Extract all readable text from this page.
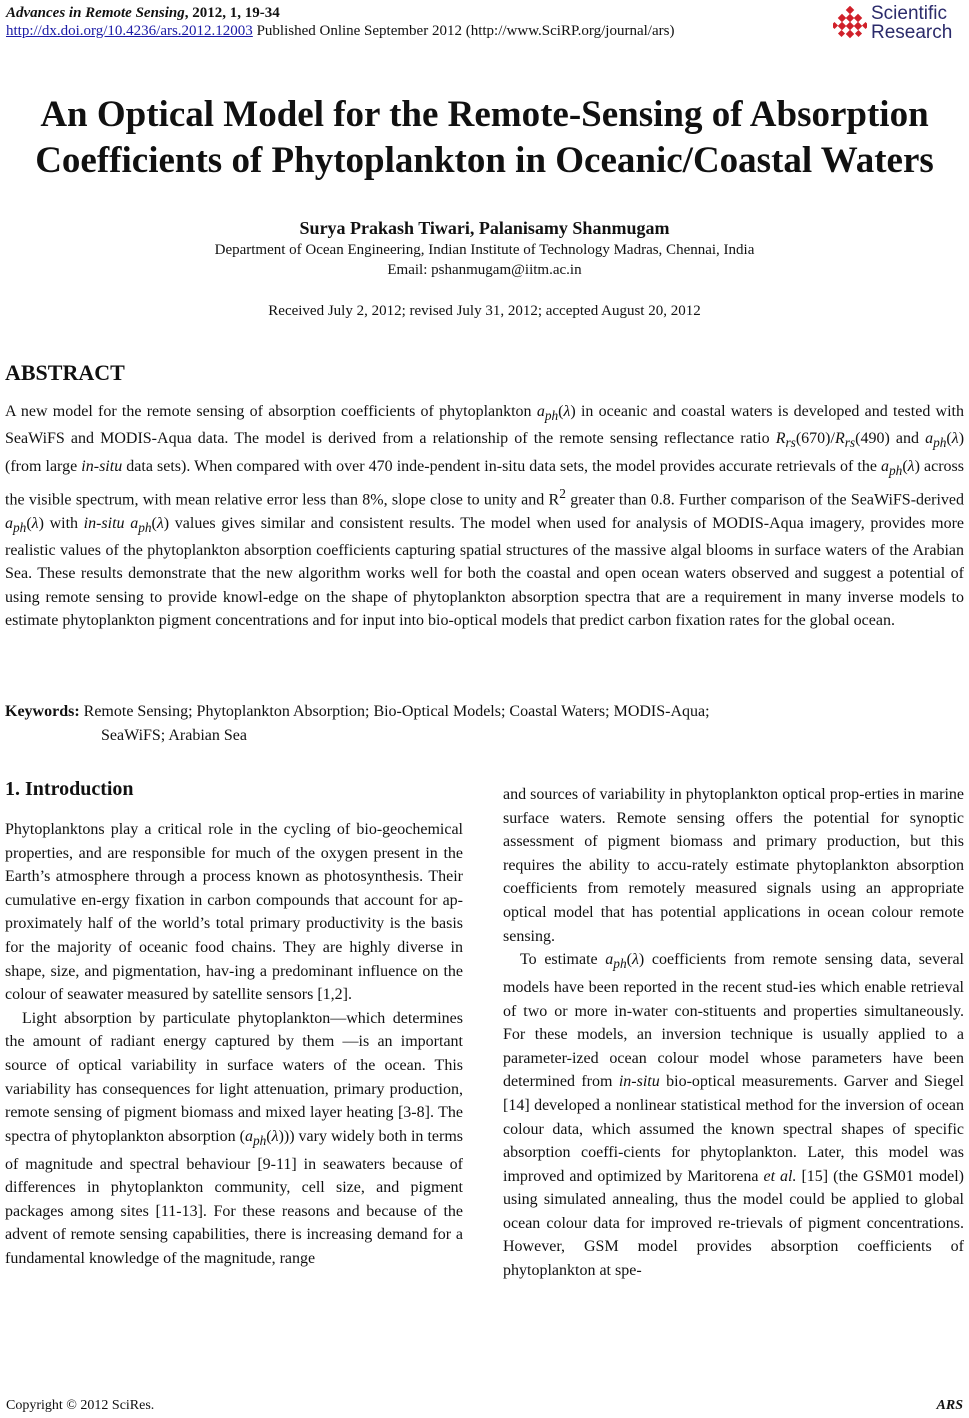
Advances in Remote Sensing, 2012, 1, 19-34
http://dx.doi.org/10.4236/ars.2012.12003 Published Online September 2012 (http://www.SciRP.org/journal/ars)
Scientific
Research
An Optical Model for the Remote-Sensing of Absorption
Coefficients of Phytoplankton in Oceanic/Coastal Waters
Surya Prakash Tiwari, Palanisamy Shanmugam
Department of Ocean Engineering, Indian Institute of Technology Madras, Chennai, India
Email: pshanmugam@iitm.ac.in
Received July 2, 2012; revised July 31, 2012; accepted August 20, 2012
ABSTRACT
A new model for the remote sensing of absorption coefficients of phytoplankton $a_{ph}(\lambda)$ in oceanic and coastal waters is developed and tested with SeaWiFS and MODIS-Aqua data. The model is derived from a relationship of the remote sensing reflectance ratio $R_{rs}(670)/R_{rs}(490)$ and $a_{ph}(\lambda)$ (from large in-situ data sets). When compared with over 470 inde-pendent in-situ data sets, the model provides accurate retrievals of the $a_{ph}(\lambda)$ across the visible spectrum, with mean relative error less than 8%, slope close to unity and $R^2$ greater than 0.8. Further comparison of the SeaWiFS-derived $a_{ph}(\lambda)$ with in-situ $a_{ph}(\lambda)$ values gives similar and consistent results. The model when used for analysis of MODIS-Aqua imagery, provides more realistic values of the phytoplankton absorption coefficients capturing spatial structures of the massive algal blooms in surface waters of the Arabian Sea. These results demonstrate that the new algorithm works well for both the coastal and open ocean waters observed and suggest a potential of using remote sensing to provide knowl-edge on the shape of phytoplankton absorption spectra that are a requirement in many inverse models to estimate phytoplankton pigment concentrations and for input into bio-optical models that predict carbon fixation rates for the global ocean.
Keywords: Remote Sensing; Phytoplankton Absorption; Bio-Optical Models; Coastal Waters; MODIS-Aqua;
SeaWiFS; Arabian Sea
1. Introduction

Phytoplanktons play a critical role in the cycling of bio-geochemical properties, and are responsible for much of the oxygen present in the Earth’s atmosphere through a process known as photosynthesis. Their cumulative en-ergy fixation in carbon compounds that account for ap-proximately half of the world’s total primary productivity is the basis for the majority of oceanic food chains. They are highly diverse in shape, size, and pigmentation, hav-ing a predominant influence on the colour of seawater measured by satellite sensors [1,2].

Light absorption by particulate phytoplankton—which determines the amount of radiant energy captured by them —is an important source of optical variability in surface waters of the ocean. This variability has consequences for light attenuation, primary production, remote sensing of pigment biomass and mixed layer heating [3-8]. The spectra of phytoplankton absorption $(a_{ph}(\lambda))$) vary widely both in terms of magnitude and spectral behaviour [9-11] in seawaters because of differences in phytoplankton community, cell size, and pigment packages among sites [11-13]. For these reasons and because of the advent of remote sensing capabilities, there is increasing demand for a fundamental knowledge of the magnitude, range

and sources of variability in phytoplankton optical prop-erties in marine surface waters. Remote sensing offers the potential for synoptic assessment of pigment biomass and primary production, but this requires the ability to accu-rately estimate phytoplankton absorption coefficients from remotely measured signals using an appropriate optical model that has potential applications in ocean colour remote sensing.

To estimate $a_{ph}(\lambda)$ coefficients from remote sensing data, several models have been reported in the recent stud-ies which enable retrieval of two or more in-water con-stituents and properties simultaneously. For these models, an inversion technique is usually applied to a parameter-ized ocean colour model whose parameters have been determined from in-situ bio-optical measurements. Garver and Siegel [14] developed a nonlinear statistical method for the inversion of ocean colour data, which assumed the known spectral shapes of specific absorption coeffi-cients for phytoplankton. Later, this model was improved and optimized by Maritorena et al. [15] (the GSM01 model) using simulated annealing, thus the model could be applied to global ocean colour data for improved re-trievals of pigment concentrations. However, GSM model provides absorption coefficients of phytoplankton at spe-

Copyright © 2012 SciRes.	ARS
